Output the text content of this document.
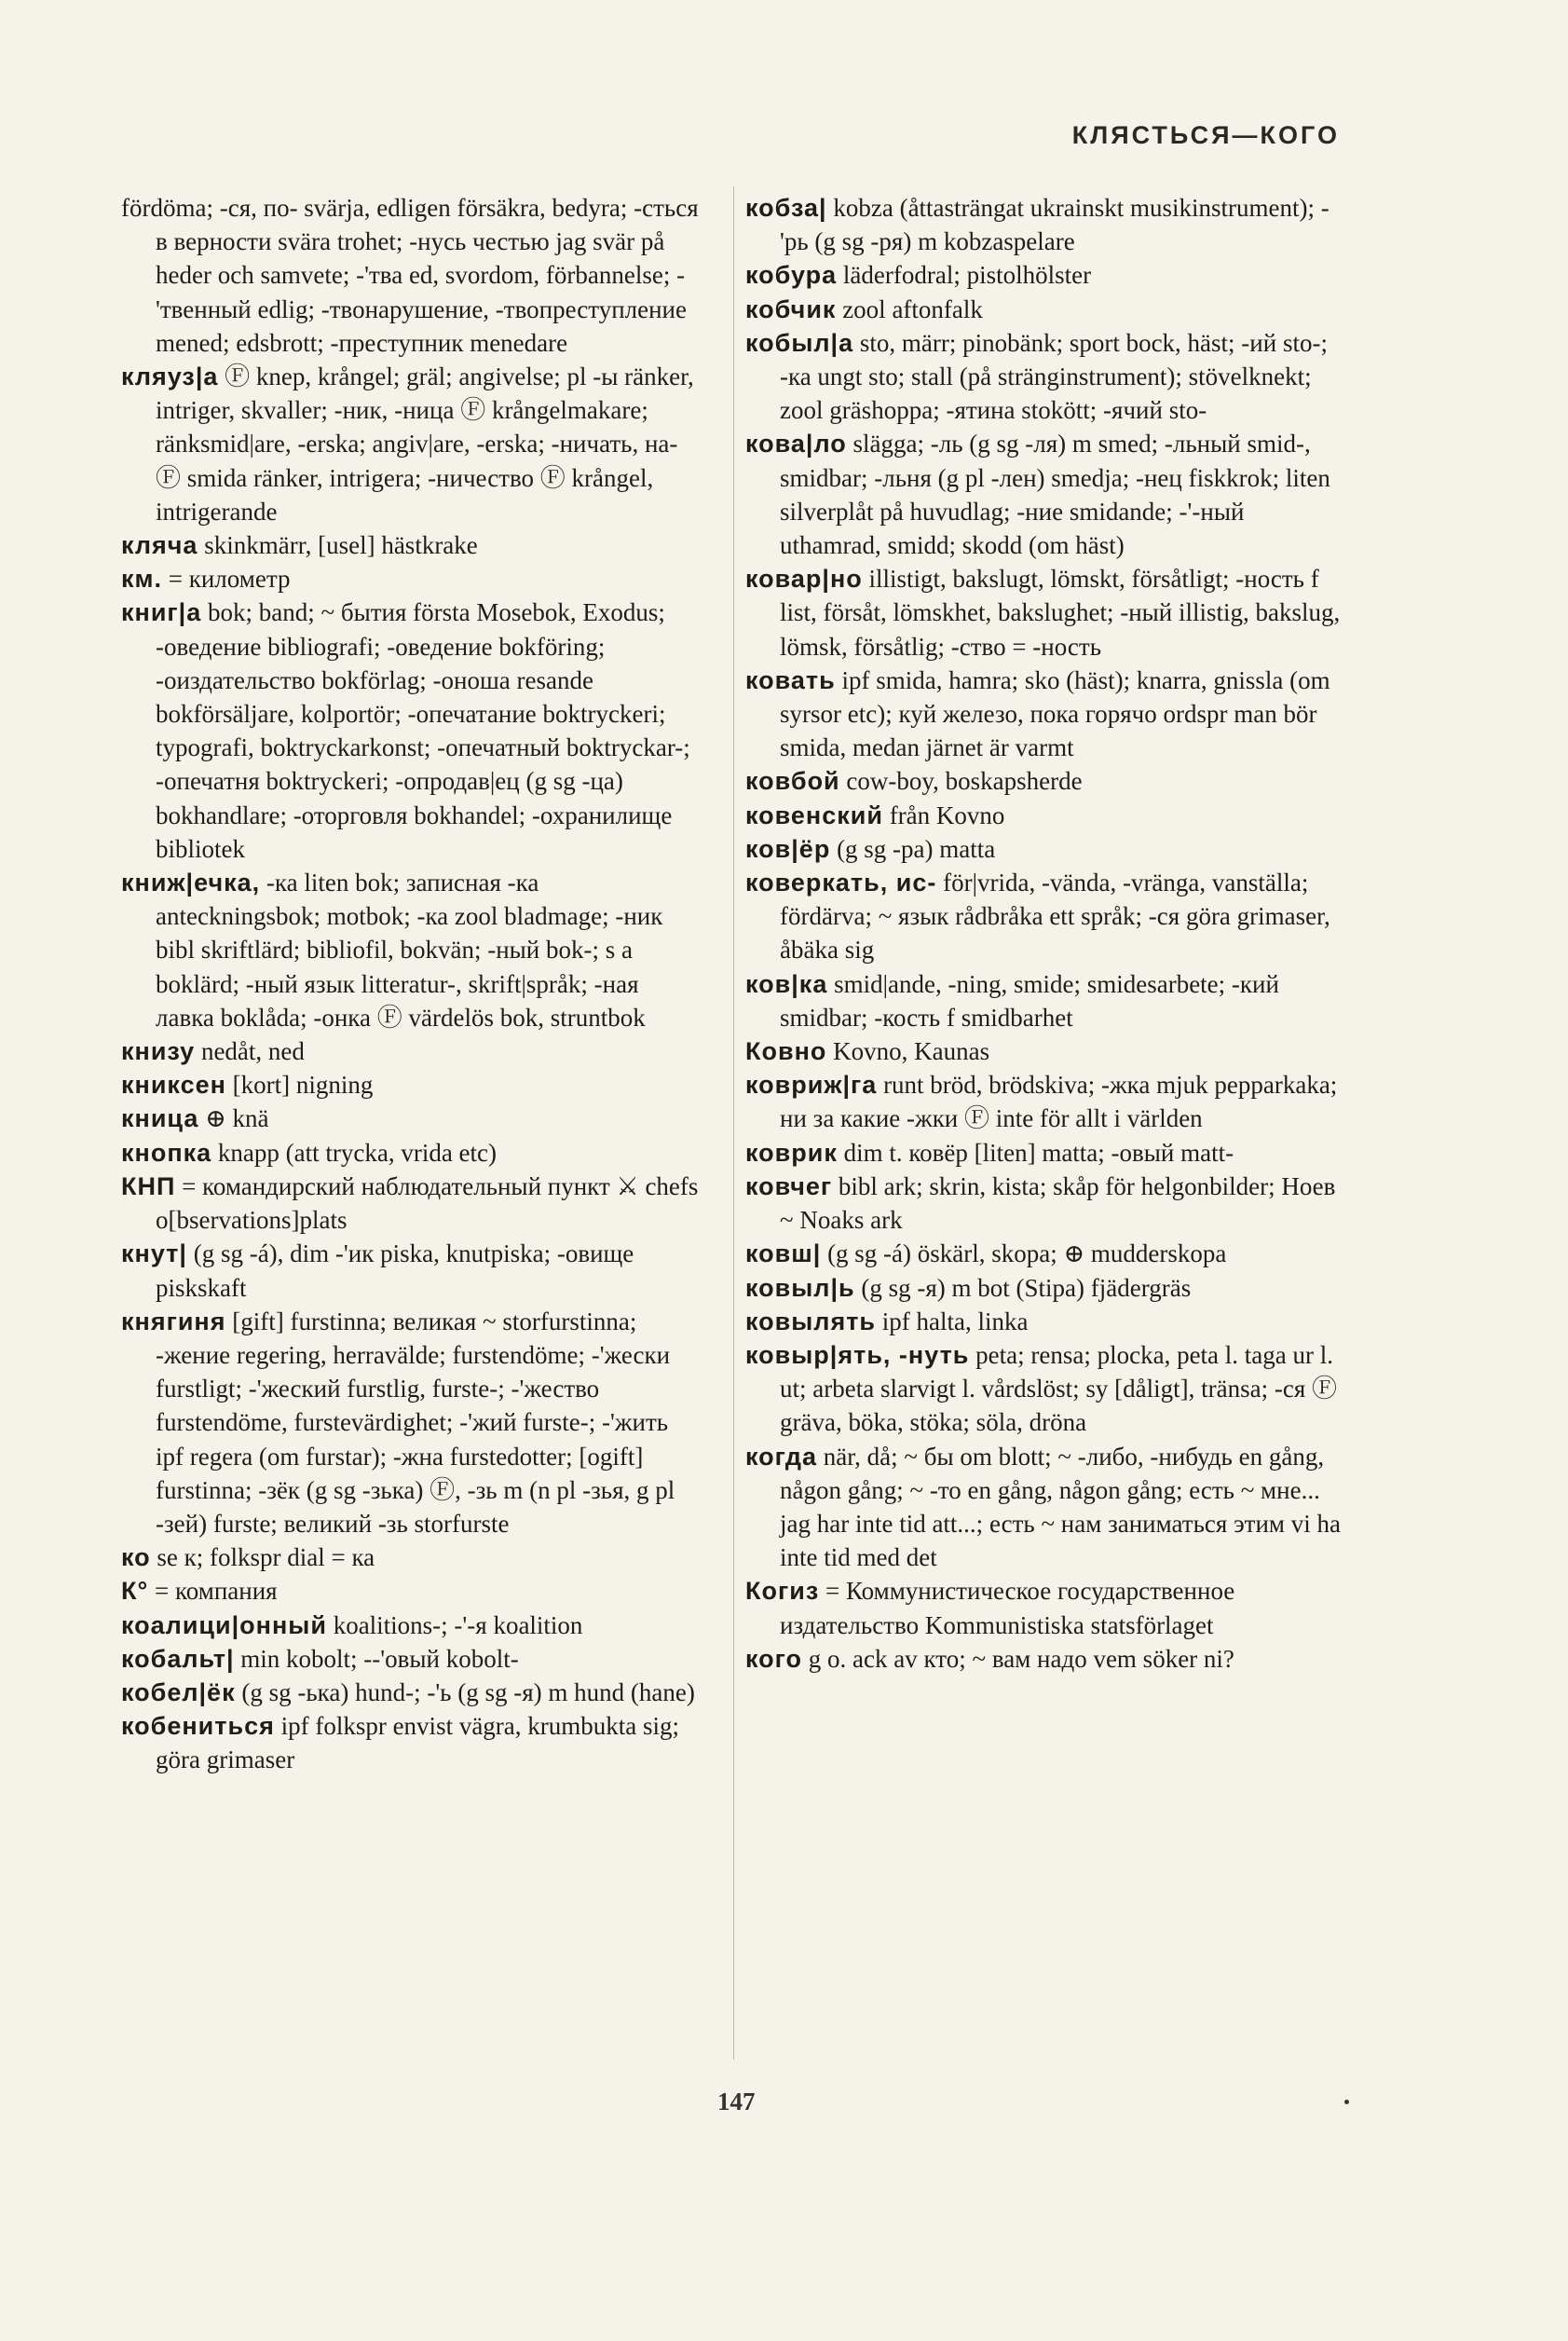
КЛЯСТЬСЯ—КОГО

fördöma; -ся, по- svärja, edligen försäkra, bedyra; -сться в верности svära trohet; -нусь честью jag svär på heder och samvete; -'тва ed, svordom, förbannelse; -'твенный edlig; -твонарушение, -твопреступление mened; edsbrott; -преступник menedare

кляуз|а Ⓕ knep, krångel; gräl; angivelse; pl -ы ränker, intriger, skvaller; -ник, -ница Ⓕ krångelmakare; ränksmid|are, -erska; angiv|are, -erska; -ничать, на- Ⓕ smida ränker, intrigera; -ничество Ⓕ krångel, intrigerande

кляча skinkmärr, [usel] hästkrake

км. = километр

книг|а bok; band; ~ бытия första Mosebok, Exodus; -оведение bibliografi; -оведение bokföring; -оиздательство bokförlag; -оноша resande bokförsäljare, kolportör; -опечатание boktryckeri; typografi, boktryckarkonst; -опечатный boktryckar-; -опечатня boktryckeri; -опродав|ец (g sg -ца) bokhandlare; -оторговля bokhandel; -охранилище bibliotek

книж|ечка, -ка liten bok; записная -ка anteckningsbok; motbok; -ка zool bladmage; -ник bibl skriftlärd; bibliofil, bokvän; -ный bok-; s a boklärd; -ный язык litteratur-, skrift|språk; -ная лавка boklåda; -онка Ⓕ värdelös bok, struntbok

книзу nedåt, ned

книксен [kort] nigning

кница ⊕ knä

кнопка knapp (att trycka, vrida etc)

КНП = командирский наблюдательный пункт ⚔ chefs o[bservations]plats

кнут| (g sg -á), dim -'ик piska, knutpiska; -овище piskskaft

княгиня [gift] furstinna; великая ~ storfurstinna; -жение regering, herravälde; furstendöme; -'жески furstligt; -'жеский furstlig, furste-; -'жество furstendöme, furstevärdighet; -'жий furste-; -'жить ipf regera (om furstar); -жна furstedotter; [ogift] furstinna; -зёк (g sg -зька) Ⓕ, -зь m (n pl -зья, g pl -зей) furste; великий -зь storfurste

ко se к; folkspr dial = ка

К° = компания

коалици|онный koalitions-; -'-я koalition

кобальт| min kobolt; --'овый kobolt-

кобел|ёк (g sg -ька) hund-; -'ь (g sg -я) m hund (hane)

кобениться ipf folkspr envist vägra, krumbukta sig; göra grimaser

кобза| kobza (åttasträngat ukrainskt musikinstrument); -'рь (g sg -ря) m kobzaspelare

кобура läderfodral; pistolhölster

кобчик zool aftonfalk

кобыл|а sto, märr; pinobänk; sport bock, häst; -ий sto-; -ка ungt sto; stall (på stränginstrument); stövelknekt; zool gräshoppa; -ятина stokött; -ячий sto-

кова|ло slägga; -ль (g sg -ля) m smed; -льный smid-, smidbar; -льня (g pl -лен) smedja; -нец fiskkrok; liten silverplåt på huvudlag; -ние smidande; -'-ный uthamrad, smidd; skodd (om häst)

ковар|но illistigt, bakslugt, lömskt, försåtligt; -ность f list, försåt, lömskhet, bakslughet; -ный illistig, bakslug, lömsk, försåtlig; -ство = -ность

ковать ipf smida, hamra; sko (häst); knarra, gnissla (om syrsor etc); куй железо, пока горячо ordspr man bör smida, medan järnet är varmt

ковбой cow-boy, boskapsherde

ковенский från Kovno

ков|ёр (g sg -ра) matta

коверкать, ис- för|vrida, -vända, -vränga, vanställa; fördärva; ~ язык rådbråka ett språk; -ся göra grimaser, åbäka sig

ков|ка smid|ande, -ning, smide; smidesarbete; -кий smidbar; -кость f smidbarhet

Ковно Kovno, Kaunas

ковриж|га runt bröd, brödskiva; -жка mjuk pepparkaka; ни за какие -жки Ⓕ inte för allt i världen

коврик dim t. ковёр [liten] matta; -овый matt-

ковчег bibl ark; skrin, kista; skåp för helgonbilder; Ноев ~ Noaks ark

ковш| (g sg -á) öskärl, skopa; ⊕ mudderskopa

ковыл|ь (g sg -я) m bot (Stipa) fjädergräs

ковылять ipf halta, linka

ковыр|ять, -нуть peta; rensa; plocka, peta l. taga ur l. ut; arbeta slarvigt l. vårdslöst; sy [dåligt], tränsa; -ся Ⓕ gräva, böka, stöka; söla, dröna

когда när, då; ~ бы om blott; ~ -либо, -нибудь en gång, någon gång; ~ -то en gång, någon gång; есть ~ мне... jag har inte tid att...; есть ~ нам заниматься этим vi ha inte tid med det

Когиз = Коммунистическое государственное издательство Kommunistiska statsförlaget

кого g o. ack av кто; ~ вам надо vem söker ni?

147
